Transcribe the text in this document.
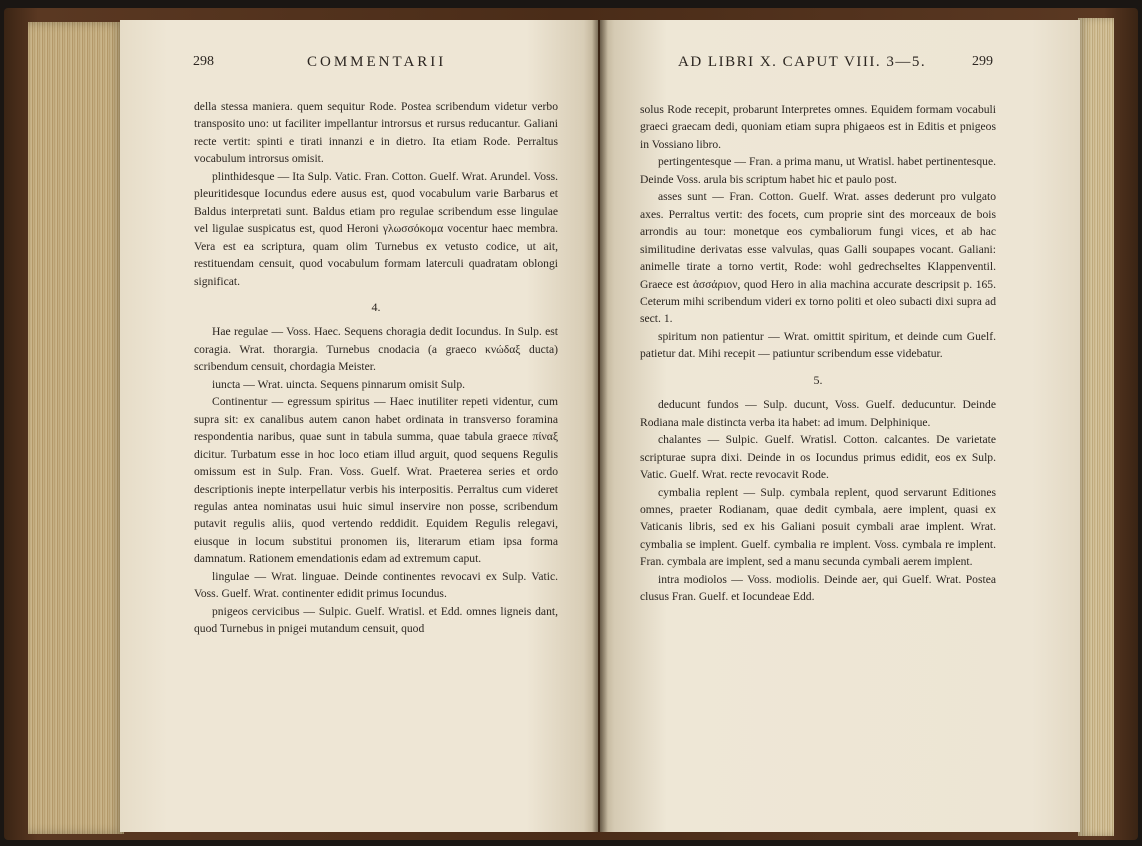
298	COMMENTARII	AD LIBRI X. CAPUT VIII. 3—5.	299

della stessa maniera. quem sequitur Rode. Postea scribendum videtur verbo transposito uno: ut faciliter impellantur introrsus et rursus reducantur. Galiani recte vertit: spinti e tirati innanzi e in dietro. Ita etiam Rode. Perraltus vocabulum introrsus omisit.

plinthidesque — Ita Sulp. Vatic. Fran. Cotton. Guelf. Wrat. Arundel. Voss. pleuritidesque Iocundus edere ausus est, quod vocabulum varie Barbarus et Baldus interpretati sunt. Baldus etiam pro regulae scribendum esse lingulae vel ligulae suspicatus est, quod Heroni γλωσσόκομα vocentur haec membra. Vera est ea scriptura, quam olim Turnebus ex vetusto codice, ut ait, restituendam censuit, quod vocabulum formam laterculi quadratam oblongi significat.

4.

Hae regulae — Voss. Haec. Sequens choragia dedit Iocundus. In Sulp. est coragia. Wrat. thorargia. Turnebus cnodacia (a graeco κνώδαξ ducta) scribendum censuit, chordagia Meister.

iuncta — Wrat. uincta. Sequens pinnarum omisit Sulp.

Continentur — egressum spiritus — Haec inutiliter repeti videntur, cum supra sit: ex canalibus autem canon habet ordinata in transverso foramina respondentia naribus, quae sunt in tabula summa, quae tabula graece πίναξ dicitur. Turbatum esse in hoc loco etiam illud arguit, quod sequens Regulis omissum est in Sulp. Fran. Voss. Guelf. Wrat. Praeterea series et ordo descriptionis inepte interpellatur verbis his interpositis. Perraltus cum videret regulas antea nominatas usui huic simul inservire non posse, scribendum putavit regulis aliis, quod vertendo reddidit. Equidem Regulis relegavi, eiusque in locum substitui pronomen iis, literarum etiam ipsa forma damnatum. Rationem emendationis edam ad extremum caput.

lingulae — Wrat. linguae. Deinde continentes revocavi ex Sulp. Vatic. Voss. Guelf. Wrat. continenter edidit primus Iocundus.

pnigeos cervicibus — Sulpic. Guelf. Wratisl. et Edd. omnes ligneis dant, quod Turnebus in pnigei mutandum censuit, quod

solus Rode recepit, probarunt Interpretes omnes. Equidem formam vocabuli graeci graecam dedi, quoniam etiam supra phigaeos est in Editis et pnigeos in Vossiano libro.

pertingentesque — Fran. a prima manu, ut Wratisl. habet pertinentesque. Deinde Voss. arula bis scriptum habet hic et paulo post.

asses sunt — Fran. Cotton. Guelf. Wrat. asses dederunt pro vulgato axes. Perraltus vertit: des focets, cum proprie sint des morceaux de bois arrondis au tour: monetque eos cymbaliorum fungi vices, et ab hac similitudine derivatas esse valvulas, quas Galli soupapes vocant. Galiani: animelle tirate a torno vertit, Rode: wohl gedrechseltes Klappenventil. Graece est ἀσσάριον, quod Hero in alia machina accurate descripsit p. 165. Ceterum mihi scribendum videri ex torno politi et oleo subacti dixi supra ad sect. 1.

spiritum non patientur — Wrat. omittit spiritum, et deinde cum Guelf. patietur dat. Mihi recepit — patiuntur scribendum esse videbatur.

5.

deducunt fundos — Sulp. ducunt, Voss. Guelf. deducuntur. Deinde Rodiana male distincta verba ita habet: ad imum. Delphinique.

chalantes — Sulpic. Guelf. Wratisl. Cotton. calcantes. De varietate scripturae supra dixi. Deinde in os Iocundus primus edidit, eos ex Sulp. Vatic. Guelf. Wrat. recte revocavit Rode.

cymbalia replent — Sulp. cymbala replent, quod servarunt Editiones omnes, praeter Rodianam, quae dedit cymbala, aere implent, quasi ex Vaticanis libris, sed ex his Galiani posuit cymbali arae implent. Wrat. cymbalia se implent. Guelf. cymbalia re implent. Voss. cymbala re implent. Fran. cymbala are implent, sed a manu secunda cymbali aerem implent.

intra modiolos — Voss. modiolis. Deinde aer, qui Guelf. Wrat. Postea clusus Fran. Guelf. et Iocundeae Edd.
